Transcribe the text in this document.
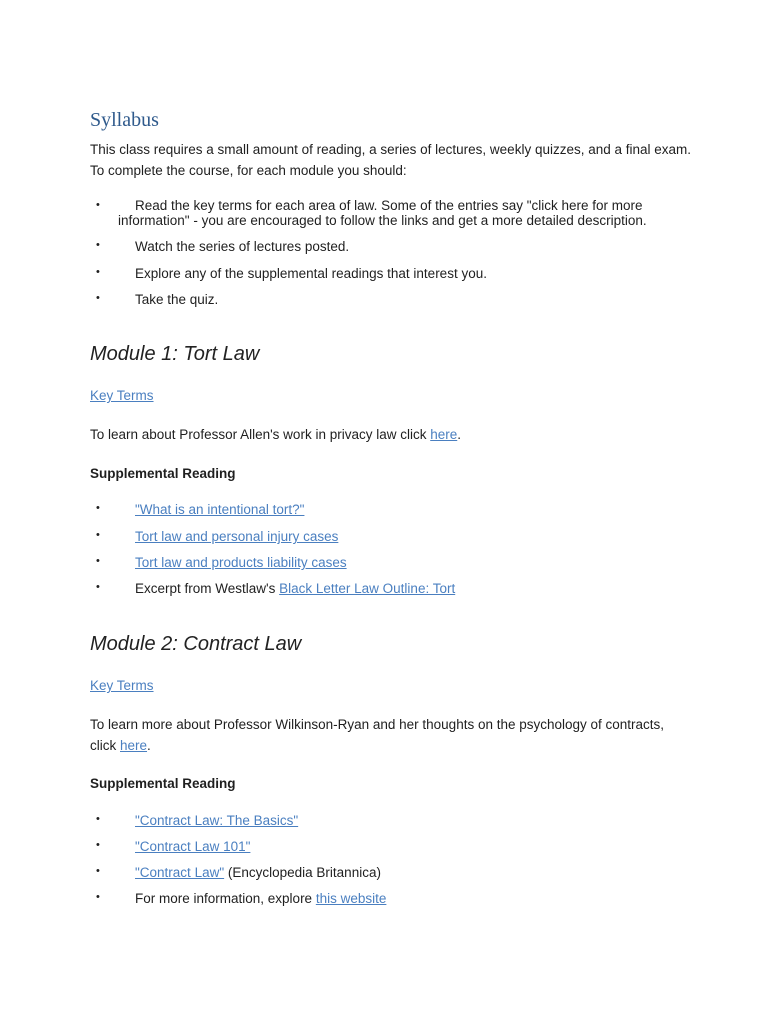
Syllabus

This class requires a small amount of reading, a series of lectures, weekly quizzes, and a final exam.
To complete the course, for each module you should:

•	Read the key terms for each area of law. Some of the entries say "click here for more information" - you are encouraged to follow the links and get a more detailed description.
•	Watch the series of lectures posted.
•	Explore any of the supplemental readings that interest you.
•	Take the quiz.
Module 1: Tort Law

Key Terms

To learn about Professor Allen's work in privacy law click here.

Supplemental Reading

•	"What is an intentional tort?"
•	Tort law and personal injury cases
•	Tort law and products liability cases
•	Excerpt from Westlaw's Black Letter Law Outline: Tort
Module 2: Contract Law

Key Terms

To learn more about Professor Wilkinson-Ryan and her thoughts on the psychology of contracts,
click here.

Supplemental Reading

•	"Contract Law: The Basics"
•	"Contract Law 101"
•	"Contract Law" (Encyclopedia Britannica)
•	For more information, explore this website
